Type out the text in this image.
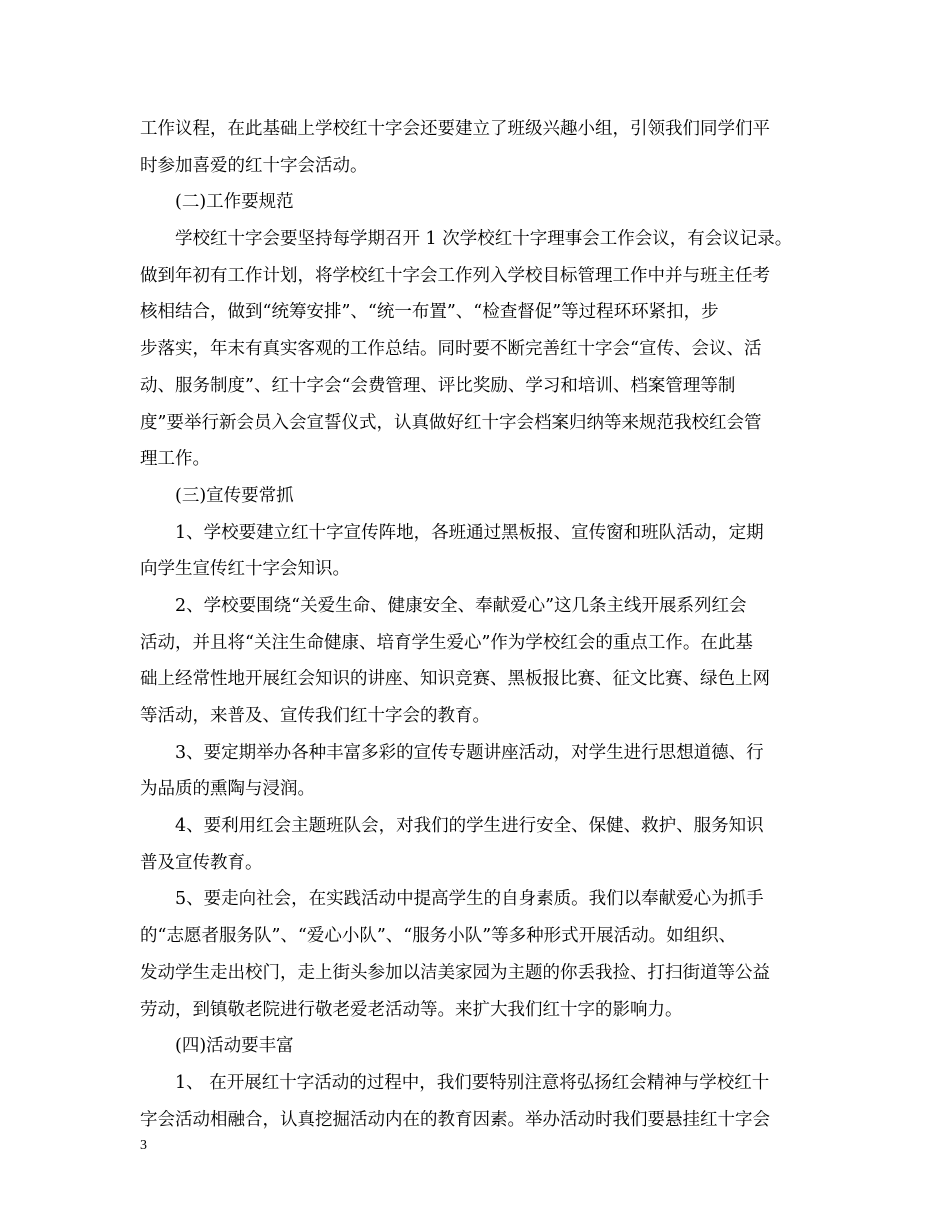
工作议程，在此基础上学校红十字会还要建立了班级兴趣小组，引领我们同学们平
时参加喜爱的红十字会活动。
(二)工作要规范
学校红十字会要坚持每学期召开 1 次学校红十字理事会工作会议，有会议记录。
做到年初有工作计划，将学校红十字会工作列入学校目标管理工作中并与班主任考
核相结合，做到“统筹安排”、“统一布置”、“检查督促”等过程环环紧扣，步
步落实，年末有真实客观的工作总结。同时要不断完善红十字会“宣传、会议、活
动、服务制度”、红十字会“会费管理、评比奖励、学习和培训、档案管理等制
度”要举行新会员入会宣誓仪式，认真做好红十字会档案归纳等来规范我校红会管
理工作。
(三)宣传要常抓
1、学校要建立红十字宣传阵地，各班通过黑板报、宣传窗和班队活动，定期
向学生宣传红十字会知识。
2、学校要围绕“关爱生命、健康安全、奉献爱心”这几条主线开展系列红会
活动，并且将“关注生命健康、培育学生爱心”作为学校红会的重点工作。在此基
础上经常性地开展红会知识的讲座、知识竞赛、黑板报比赛、征文比赛、绿色上网
等活动，来普及、宣传我们红十字会的教育。
3、要定期举办各种丰富多彩的宣传专题讲座活动，对学生进行思想道德、行
为品质的熏陶与浸润。
4、要利用红会主题班队会，对我们的学生进行安全、保健、救护、服务知识
普及宣传教育。
5、要走向社会，在实践活动中提高学生的自身素质。我们以奉献爱心为抓手
的“志愿者服务队”、“爱心小队”、“服务小队”等多种形式开展活动。如组织、
发动学生走出校门，走上街头参加以洁美家园为主题的你丢我捡、打扫街道等公益
劳动，到镇敬老院进行敬老爱老活动等。来扩大我们红十字的影响力。
(四)活动要丰富
1、 在开展红十字活动的过程中，我们要特别注意将弘扬红会精神与学校红十
字会活动相融合，认真挖掘活动内在的教育因素。举办活动时我们要悬挂红十字会
3
